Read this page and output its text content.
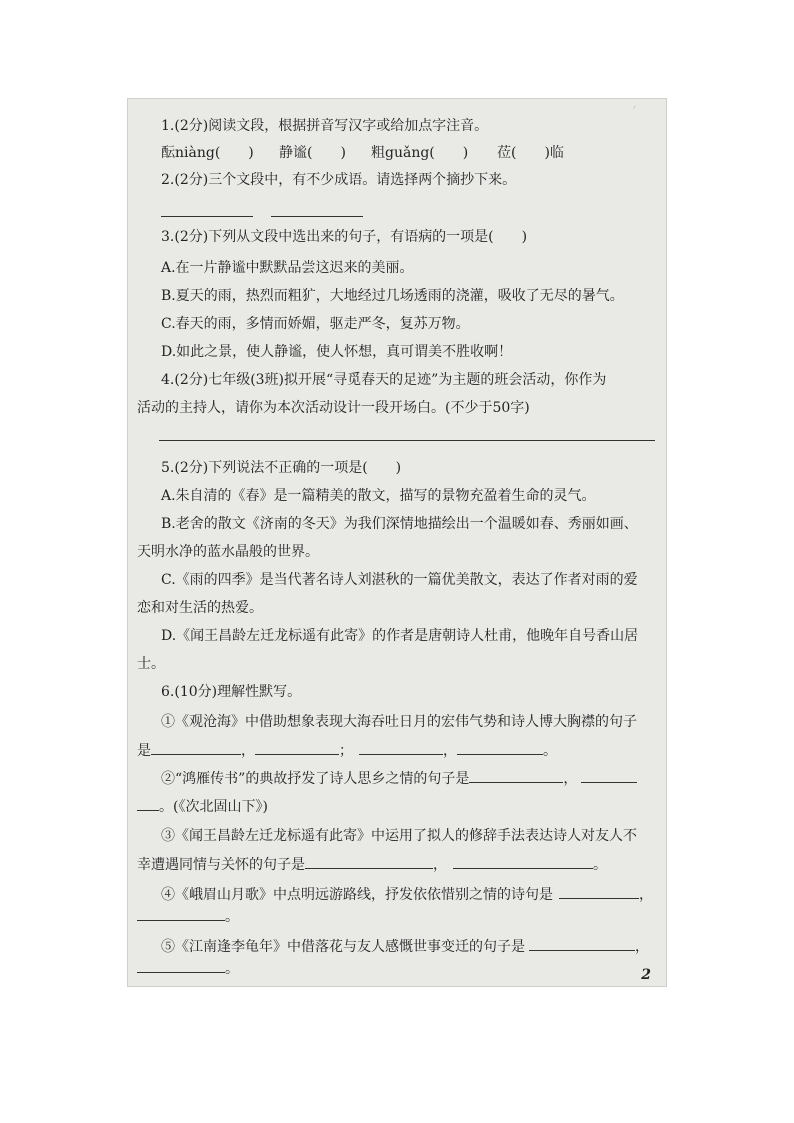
ʼ
1.(2分)阅读文段，根据拼音写汉字或给加点字注音。
酝niàng(　　) 静谧(　　) 粗guǎng(　　) 莅(　　)临
2.(2分)三个文段中，有不少成语。请选择两个摘抄下来。

3.(2分)下列从文段中选出来的句子，有语病的一项是(　　)
A.在一片静谧中默默品尝这迟来的美丽。
B.夏天的雨，热烈而粗犷，大地经过几场透雨的浇灌，吸收了无尽的暑气。
C.春天的雨，多情而娇媚，驱走严冬，复苏万物。
D.如此之景，使人静谧，使人怀想，真可谓美不胜收啊！
4.(2分)七年级(3班)拟开展“寻觅春天的足迹”为主题的班会活动，你作为
活动的主持人，请你为本次活动设计一段开场白。(不少于50字)
5.(2分)下列说法不正确的一项是(　　)
A.朱自清的《春》是一篇精美的散文，描写的景物充盈着生命的灵气。
B.老舍的散文《济南的冬天》为我们深情地描绘出一个温暖如春、秀丽如画、
天明水净的蓝水晶般的世界。
C.《雨的四季》是当代著名诗人刘湛秋的一篇优美散文，表达了作者对雨的爱
恋和对生活的热爱。
D.《闻王昌龄左迁龙标遥有此寄》的作者是唐朝诗人杜甫，他晚年自号香山居
士。
6.(10分)理解性默写。
①《观沧海》中借助想象表现大海吞吐日月的宏伟气势和诗人博大胸襟的句子
是	，	；	，	。
②“鸿雁传书”的典故抒发了诗人思乡之情的句子是	，
。(《次北固山下》)
③《闻王昌龄左迁龙标遥有此寄》中运用了拟人的修辞手法表达诗人对友人不
幸遭遇同情与关怀的句子是	，	。
④《峨眉山月歌》中点明远游路线，抒发依依惜别之情的诗句是	，
。
⑤《江南逢李龟年》中借落花与友人感慨世事变迁的句子是	，
。	2
